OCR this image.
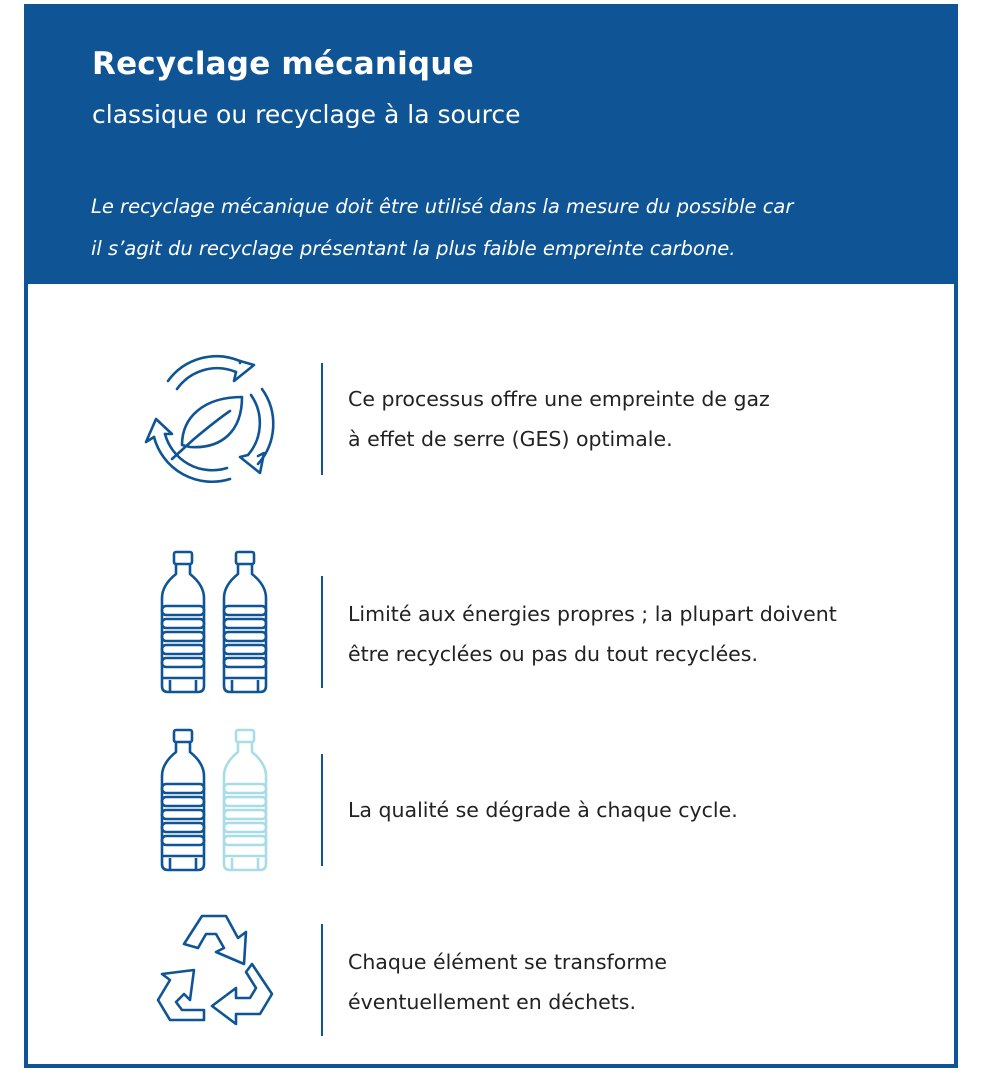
Recyclage mécanique
classique ou recyclage à la source

Le recyclage mécanique doit être utilisé dans la mesure du possible car
il s’agit du recyclage présentant la plus faible empreinte carbone.

Ce processus offre une empreinte de gaz
à effet de serre (GES) optimale.

Limité aux énergies propres ; la plupart doivent
être recyclées ou pas du tout recyclées.

La qualité se dégrade à chaque cycle.

Chaque élément se transforme
éventuellement en déchets.
